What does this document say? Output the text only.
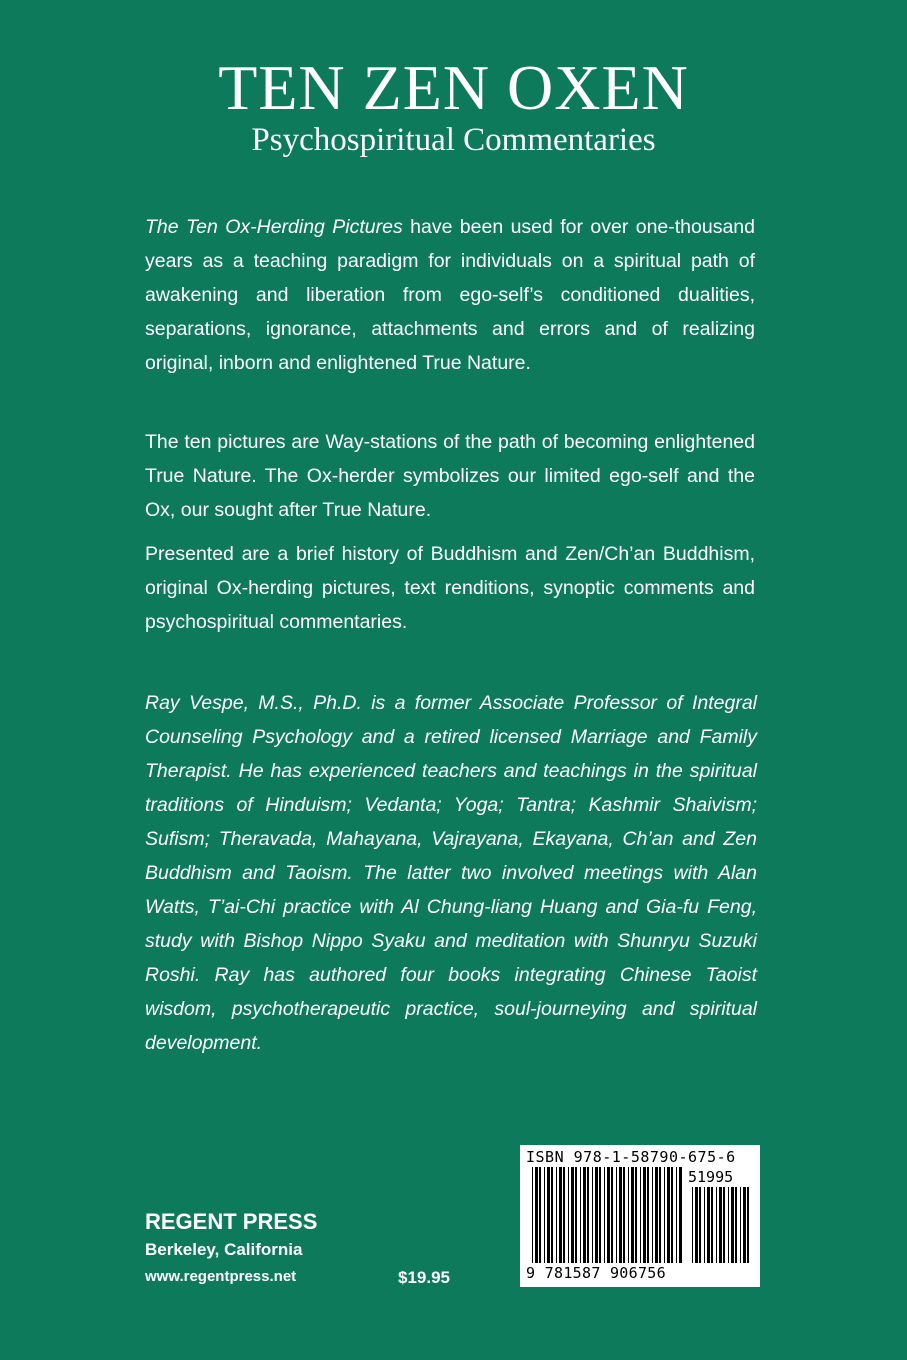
TEN ZEN OXEN
Psychospiritual Commentaries

The Ten Ox-Herding Pictures have been used for over one-thousand years as a teaching paradigm for individuals on a spiritual path of awakening and liberation from ego-self’s conditioned dualities, separations, ignorance, attachments and errors and of realizing original, inborn and enlightened True Nature.

The ten pictures are Way-stations of the path of becoming enlightened True Nature. The Ox-herder symbolizes our limited ego-self and the Ox, our sought after True Nature.

Presented are a brief history of Buddhism and Zen/Ch’an Buddhism, original Ox-herding pictures, text renditions, synoptic comments and psychospiritual commentaries.

Ray Vespe, M.S., Ph.D. is a former Associate Professor of Integral Counseling Psychology and a retired licensed Marriage and Family Therapist. He has experienced teachers and teachings in the spiritual traditions of Hinduism; Vedanta; Yoga; Tantra; Kashmir Shaivism; Sufism; Theravada, Mahayana, Vajrayana, Ekayana, Ch’an and Zen Buddhism and Taoism. The latter two involved meetings with Alan Watts, T’ai-Chi practice with Al Chung-liang Huang and Gia-fu Feng, study with Bishop Nippo Syaku and meditation with Shunryu Suzuki Roshi. Ray has authored four books integrating Chinese Taoist wisdom, psychotherapeutic practice, soul-journeying and spiritual development.

REGENT PRESS
Berkeley, California
www.regentpress.net	$19.95
ISBN 978-1-58790-675-6
51995
9 781587 906756
